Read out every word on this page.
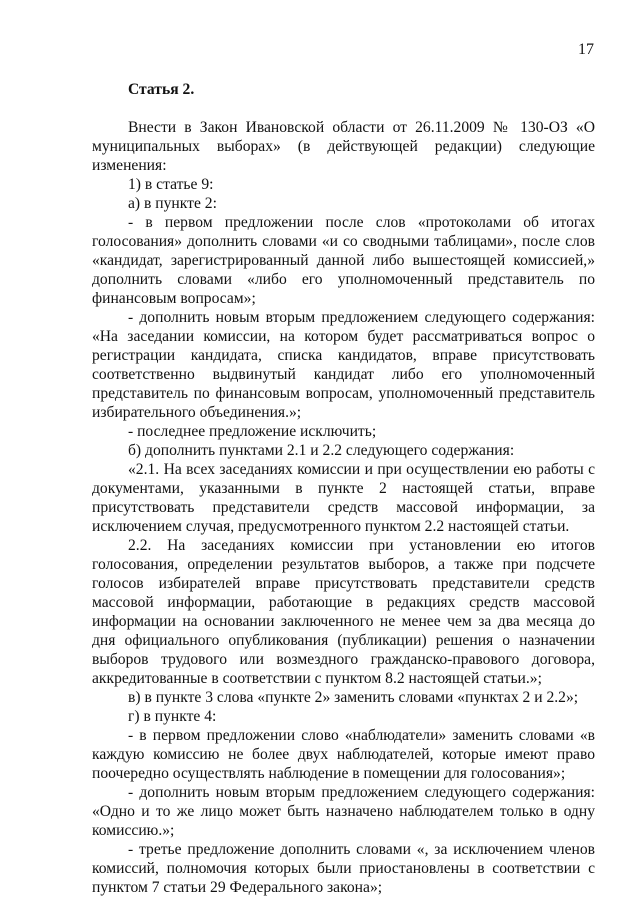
17
Статья 2.

Внести в Закон Ивановской области от 26.11.2009 № 130-ОЗ «О муниципальных выборах» (в действующей редакции) следующие изменения:

1) в статье 9:

а) в пункте 2:

- в первом предложении после слов «протоколами об итогах голосования» дополнить словами «и со сводными таблицами», после слов «кандидат, зарегистрированный данной либо вышестоящей комиссией,» дополнить словами «либо его уполномоченный представитель по финансовым вопросам»;

- дополнить новым вторым предложением следующего содержания: «На заседании комиссии, на котором будет рассматриваться вопрос о регистрации кандидата, списка кандидатов, вправе присутствовать соответственно выдвинутый кандидат либо его уполномоченный представитель по финансовым вопросам, уполномоченный представитель избирательного объединения.»;

- последнее предложение исключить;

б) дополнить пунктами 2.1 и 2.2 следующего содержания:

«2.1. На всех заседаниях комиссии и при осуществлении ею работы с документами, указанными в пункте 2 настоящей статьи, вправе присутствовать представители средств массовой информации, за исключением случая, предусмотренного пунктом 2.2 настоящей статьи.

2.2. На заседаниях комиссии при установлении ею итогов голосования, определении результатов выборов, а также при подсчете голосов избирателей вправе присутствовать представители средств массовой информации, работающие в редакциях средств массовой информации на основании заключенного не менее чем за два месяца до дня официального опубликования (публикации) решения о назначении выборов трудового или возмездного гражданско-правового договора, аккредитованные в соответствии с пунктом 8.2 настоящей статьи.»;

в) в пункте 3 слова «пункте 2» заменить словами «пунктах 2 и 2.2»;

г) в пункте 4:

- в первом предложении слово «наблюдатели» заменить словами «в каждую комиссию не более двух наблюдателей, которые имеют право поочередно осуществлять наблюдение в помещении для голосования»;

- дополнить новым вторым предложением следующего содержания: «Одно и то же лицо может быть назначено наблюдателем только в одну комиссию.»;

- третье предложение дополнить словами «, за исключением членов комиссий, полномочия которых были приостановлены в соответствии с пунктом 7 статьи 29 Федерального закона»;
